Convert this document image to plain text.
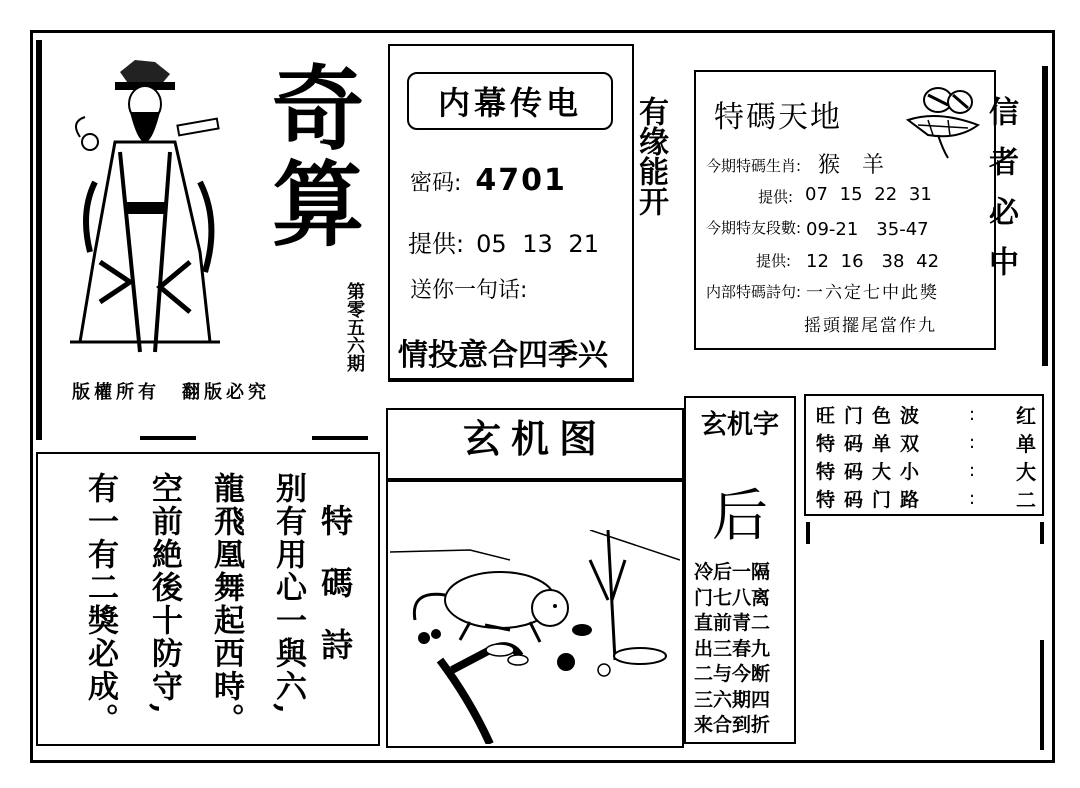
奇
算
第零五六期
版權所有　翻版必究
内幕传电
密码: 4701
提供: 05 13 21
送你一句话:
情投意合四季兴
有缘能开	信者必中
特碼天地
今期特碼生肖: 猴　羊
提供: 07 15 22 31
今期特友段數: 09-21　35-47
提供: 12 16　38 42
内部特碼詩句: 一六定七中此獎
摇頭擺尾當作九
玄机图	玄机字
后
冷后一隔
门七八离
直前青二
出三春九
二与今断
三六期四
来合到折
旺门色波 : 红
特码单双 : 单
特码大小 : 大
特码门路 : 二
特碼詩
别有用心一與六,
龍飛凰舞起西時。
空前絶後十防守,
有一有二獎必成。
